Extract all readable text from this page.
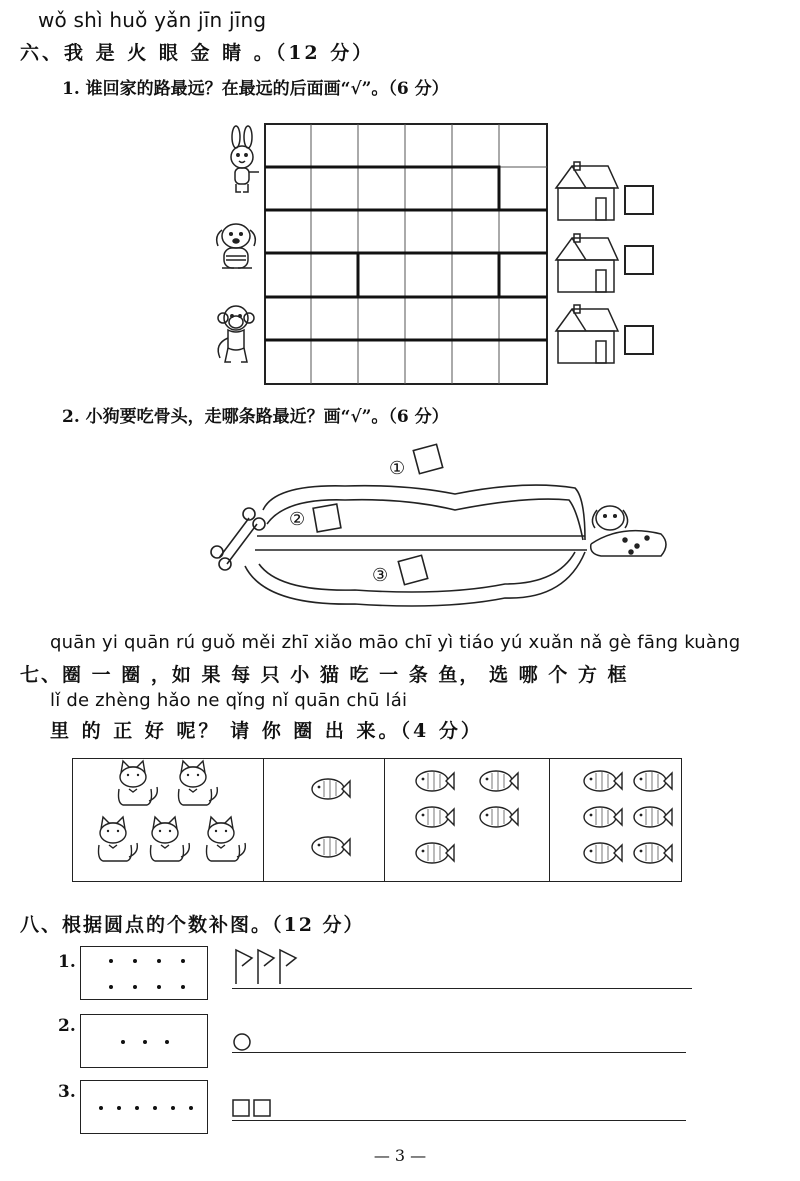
wǒ shì huǒ yǎn jīn jīng
六、我 是 火 眼 金 睛 。（12 分）
1. 谁回家的路最远？在最远的后面画“√”。（6 分）
2. 小狗要吃骨头，走哪条路最近？画“√”。（6 分）
①
②
③
quān yi quān rú guǒ měi zhī xiǎo māo chī yì tiáo yú xuǎn nǎ gè fāng kuàng
七、圈 一 圈 ，如 果 每 只 小 猫 吃 一 条 鱼， 选 哪 个 方 框
lǐ de zhèng hǎo ne qǐng nǐ quān chū lái
里 的 正 好 呢？ 请 你 圈 出 来。（4 分）
八、根据圆点的个数补图。（12 分）
1.
2.
3.
— 3 —
